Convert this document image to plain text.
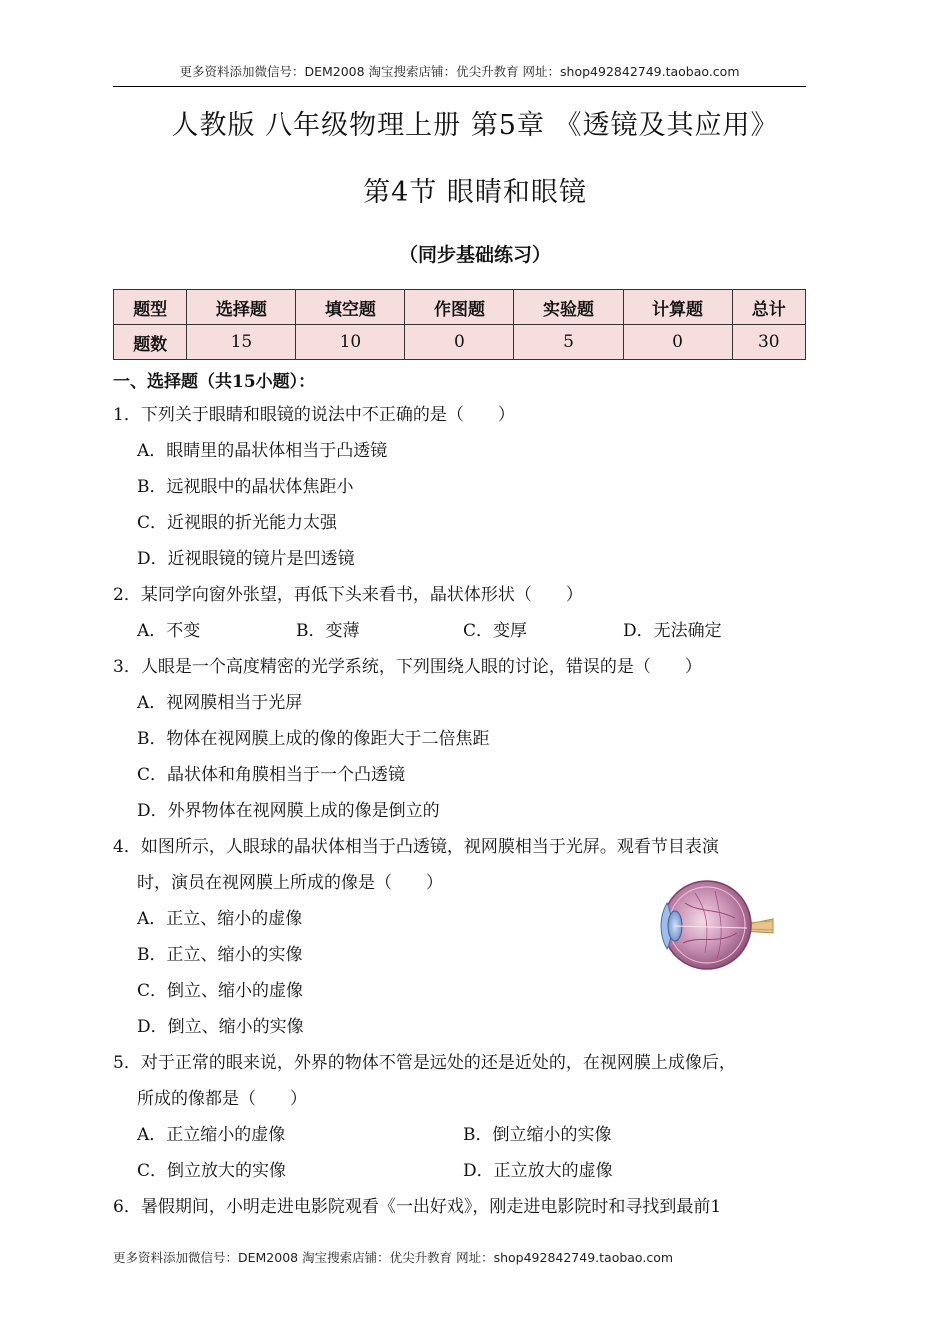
更多资料添加微信号：DEM2008 淘宝搜索店铺：优尖升教育 网址：shop492842749.taobao.com
人教版 八年级物理上册 第5章 《透镜及其应用》
第4节 眼睛和眼镜
（同步基础练习）
题型	选择题	填空题	作图题	实验题	计算题	总计
题数	15	10	0	5	0	30
一、选择题（共15小题）：
1．下列关于眼睛和眼镜的说法中不正确的是（　　）
A．眼睛里的晶状体相当于凸透镜
B．远视眼中的晶状体焦距小
C．近视眼的折光能力太强
D．近视眼镜的镜片是凹透镜
2．某同学向窗外张望，再低下头来看书，晶状体形状（　　）
A．不变	B．变薄	C．变厚	D．无法确定
3．人眼是一个高度精密的光学系统，下列围绕人眼的讨论，错误的是（　　）
A．视网膜相当于光屏
B．物体在视网膜上成的像的像距大于二倍焦距
C．晶状体和角膜相当于一个凸透镜
D．外界物体在视网膜上成的像是倒立的
4．如图所示，人眼球的晶状体相当于凸透镜，视网膜相当于光屏。观看节目表演
时，演员在视网膜上所成的像是（　　）
A．正立、缩小的虚像
B．正立、缩小的实像
C．倒立、缩小的虚像
D．倒立、缩小的实像
5．对于正常的眼来说，外界的物体不管是远处的还是近处的，在视网膜上成像后，
所成的像都是（　　）
A．正立缩小的虚像	B．倒立缩小的实像
C．倒立放大的实像	D．正立放大的虚像
6．暑假期间，小明走进电影院观看《一出好戏》，刚走进电影院时和寻找到最前1
更多资料添加微信号：DEM2008 淘宝搜索店铺：优尖升教育 网址：shop492842749.taobao.com
